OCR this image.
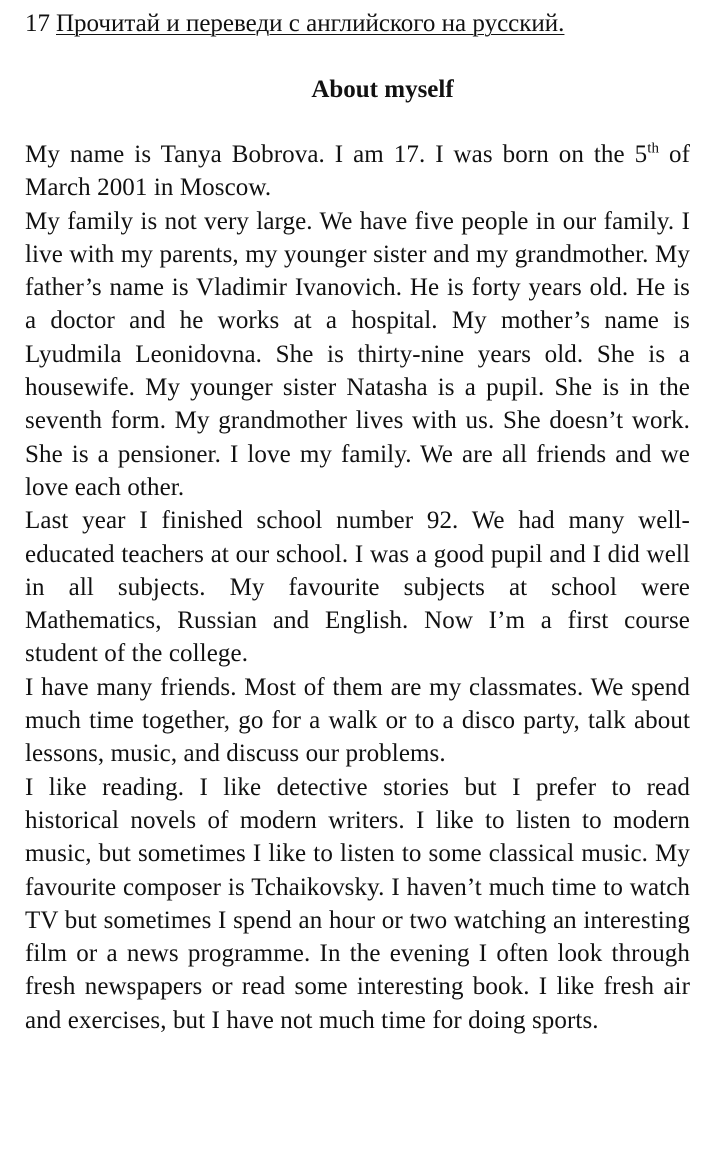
17 Прочитай и переведи с английского на русский.

About myself

My name is Tanya Bobrova. I am 17. I was born on the 5th of March 2001 in Moscow.

My family is not very large. We have five people in our family. I live with my parents, my younger sister and my grandmother. My father’s name is Vladimir Ivanovich. He is forty years old. He is a doctor and he works at a hospital. My mother’s name is Lyudmila Leonidovna. She is thirty-nine years old. She is a housewife. My younger sister Natasha is a pupil. She is in the seventh form. My grandmother lives with us. She doesn’t work. She is a pensioner. I love my family. We are all friends and we love each other.

Last year I finished school number 92. We had many well-educated teachers at our school. I was a good pupil and I did well in all subjects. My favourite subjects at school were Mathematics, Russian and English. Now I’m a first course student of the college.

I have many friends. Most of them are my classmates. We spend much time together, go for a walk or to a disco party, talk about lessons, music, and discuss our problems.

I like reading. I like detective stories but I prefer to read historical novels of modern writers. I like to listen to modern music, but sometimes I like to listen to some classical music. My favourite composer is Tchaikovsky. I haven’t much time to watch TV but sometimes I spend an hour or two watching an interesting film or a news programme. In the evening I often look through fresh newspapers or read some interesting book. I like fresh air and exercises, but I have not much time for doing sports.
